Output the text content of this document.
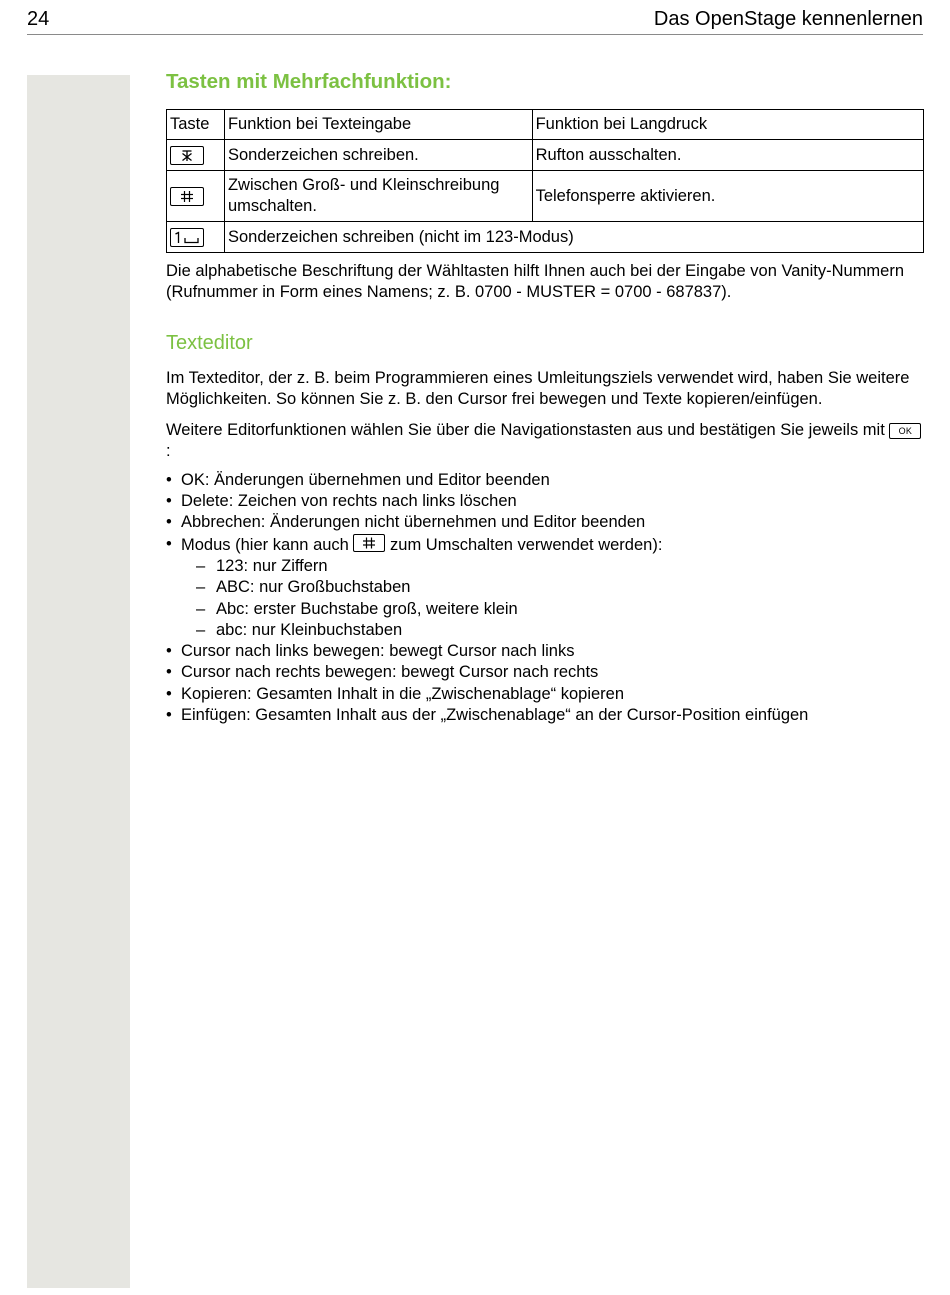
24	Das OpenStage kennenlernen
Tasten mit Mehrfachfunktion:
Taste	Funktion bei Texteingabe	Funktion bei Langdruck

	Sonderzeichen schreiben.	Rufton ausschalten.

	Zwischen Groß- und Kleinschreibung umschalten.	Telefonsperre aktivieren.

	Sonderzeichen schreiben (nicht im 123-Modus)	

Die alphabetische Beschriftung der Wähltasten hilft Ihnen auch bei der Eingabe von Vanity-Nummern (Rufnummer in Form eines Namens; z. B. 0700 - MUSTER = 0700 - 687837).

Texteditor

Im Texteditor, der z. B. beim Programmieren eines Umleitungsziels verwendet wird, haben Sie weitere Möglichkeiten. So können Sie z. B. den Cursor frei bewegen und Texte kopieren/einfügen.

Weitere Editorfunktionen wählen Sie über die Navigationstasten aus und bestätigen Sie jeweils mit OK:

• OK: Änderungen übernehmen und Editor beenden
• Delete: Zeichen von rechts nach links löschen
• Abbrechen: Änderungen nicht übernehmen und Editor beenden
• Modus (hier kann auch zum Umschalten verwendet werden):
– 123: nur Ziffern
– ABC: nur Großbuchstaben
– Abc: erster Buchstabe groß, weitere klein
– abc: nur Kleinbuchstaben
• Cursor nach links bewegen: bewegt Cursor nach links
• Cursor nach rechts bewegen: bewegt Cursor nach rechts
• Kopieren: Gesamten Inhalt in die „Zwischenablage“ kopieren
• Einfügen: Gesamten Inhalt aus der „Zwischenablage“ an der Cursor-Position einfügen
